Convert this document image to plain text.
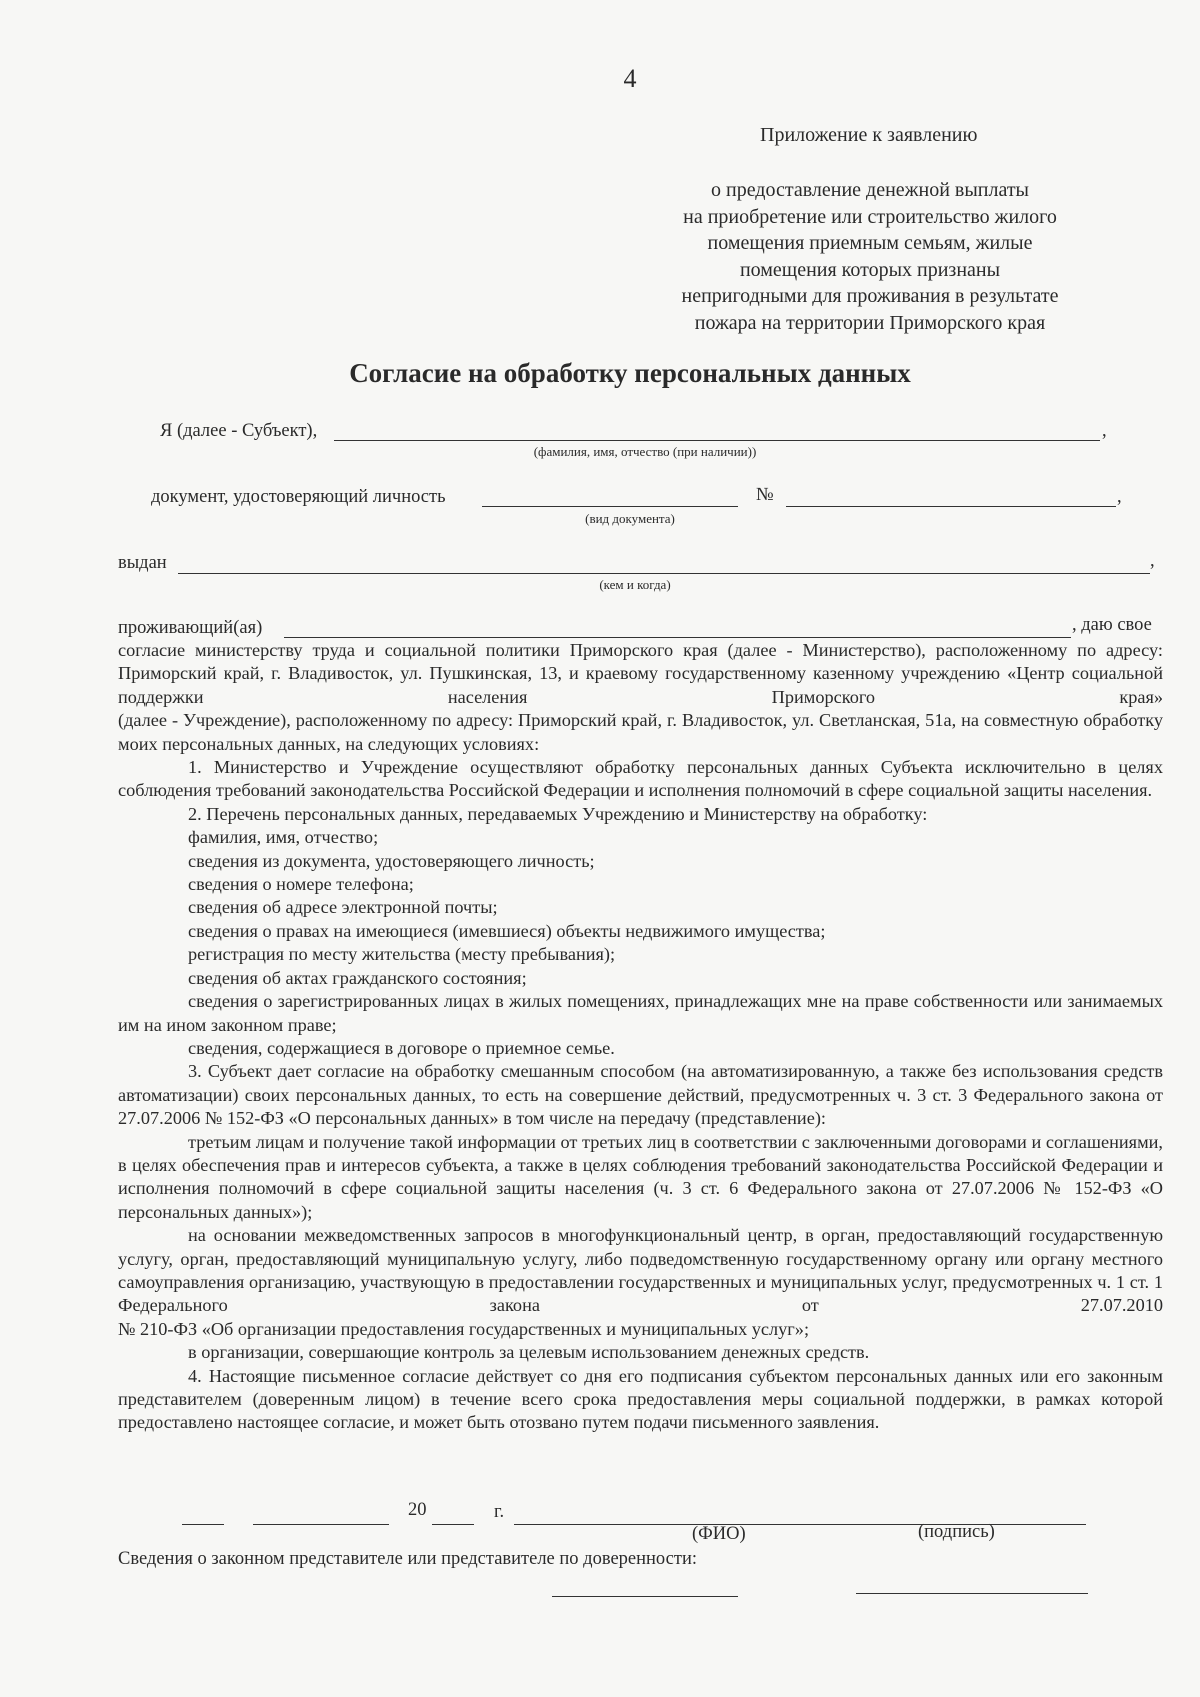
4
Приложение к заявлению
о предоставление денежной выплаты
на приобретение или строительство жилого
помещения приемным семьям, жилые
помещения которых признаны
непригодными для проживания в результате
пожара на территории Приморского края
Согласие на обработку персональных данных
Я (далее - Субъект),	,
(фамилия, имя, отчество (при наличии))
документ, удостоверяющий личность	№	,
(вид документа)
выдан	,
(кем и когда)
проживающий(ая)	, даю свое

согласие министерству труда и социальной политики Приморского края (далее - Министерство), расположенному по адресу: Приморский край, г. Владивосток, ул. Пушкинская, 13, и краевому государственному казенному учреждению «Центр социальной поддержки населения Приморского края»

(далее - Учреждение), расположенному по адресу: Приморский край, г. Владивосток, ул. Светланская, 51а, на совместную обработку моих персональных данных, на следующих условиях:

1. Министерство и Учреждение осуществляют обработку персональных данных Субъекта исключительно в целях соблюдения требований законодательства Российской Федерации и исполнения полномочий в сфере социальной защиты населения.

2. Перечень персональных данных, передаваемых Учреждению и Министерству на обработку:

фамилия, имя, отчество;

сведения из документа, удостоверяющего личность;

сведения о номере телефона;

сведения об адресе электронной почты;

сведения о правах на имеющиеся (имевшиеся) объекты недвижимого имущества;

регистрация по месту жительства (месту пребывания);

сведения об актах гражданского состояния;

сведения о зарегистрированных лицах в жилых помещениях, принадлежащих мне на праве собственности или занимаемых им на ином законном праве;

сведения, содержащиеся в договоре о приемное семье.

3. Субъект дает согласие на обработку смешанным способом (на автоматизированную, а также без использования средств автоматизации) своих персональных данных, то есть на совершение действий, предусмотренных ч. 3 ст. 3 Федерального закона от 27.07.2006 № 152-ФЗ «О персональных данных» в том числе на передачу (представление):

третьим лицам и получение такой информации от третьих лиц в соответствии с заключенными договорами и соглашениями, в целях обеспечения прав и интересов субъекта, а также в целях соблюдения требований законодательства Российской Федерации и исполнения полномочий в сфере социальной защиты населения (ч. 3 ст. 6 Федерального закона от 27.07.2006 № 152-ФЗ «О персональных данных»);

на основании межведомственных запросов в многофункциональный центр, в орган, предоставляющий государственную услугу, орган, предоставляющий муниципальную услугу, либо подведомственную государственному органу или органу местного самоуправления организацию, участвующую в предоставлении государственных и муниципальных услуг, предусмотренных ч. 1 ст. 1 Федерального закона от 27.07.2010

№ 210-ФЗ «Об организации предоставления государственных и муниципальных услуг»;

в организации, совершающие контроль за целевым использованием денежных средств.

4. Настоящие письменное согласие действует со дня его подписания субъектом персональных данных или его законным представителем (доверенным лицом) в течение всего срока предоставления меры социальной поддержки, в рамках которой предоставлено настоящее согласие, и может быть отозвано путем подачи письменного заявления.

20	г.
(ФИО)	(подпись)
Сведения о законном представителе или представителе по доверенности:
